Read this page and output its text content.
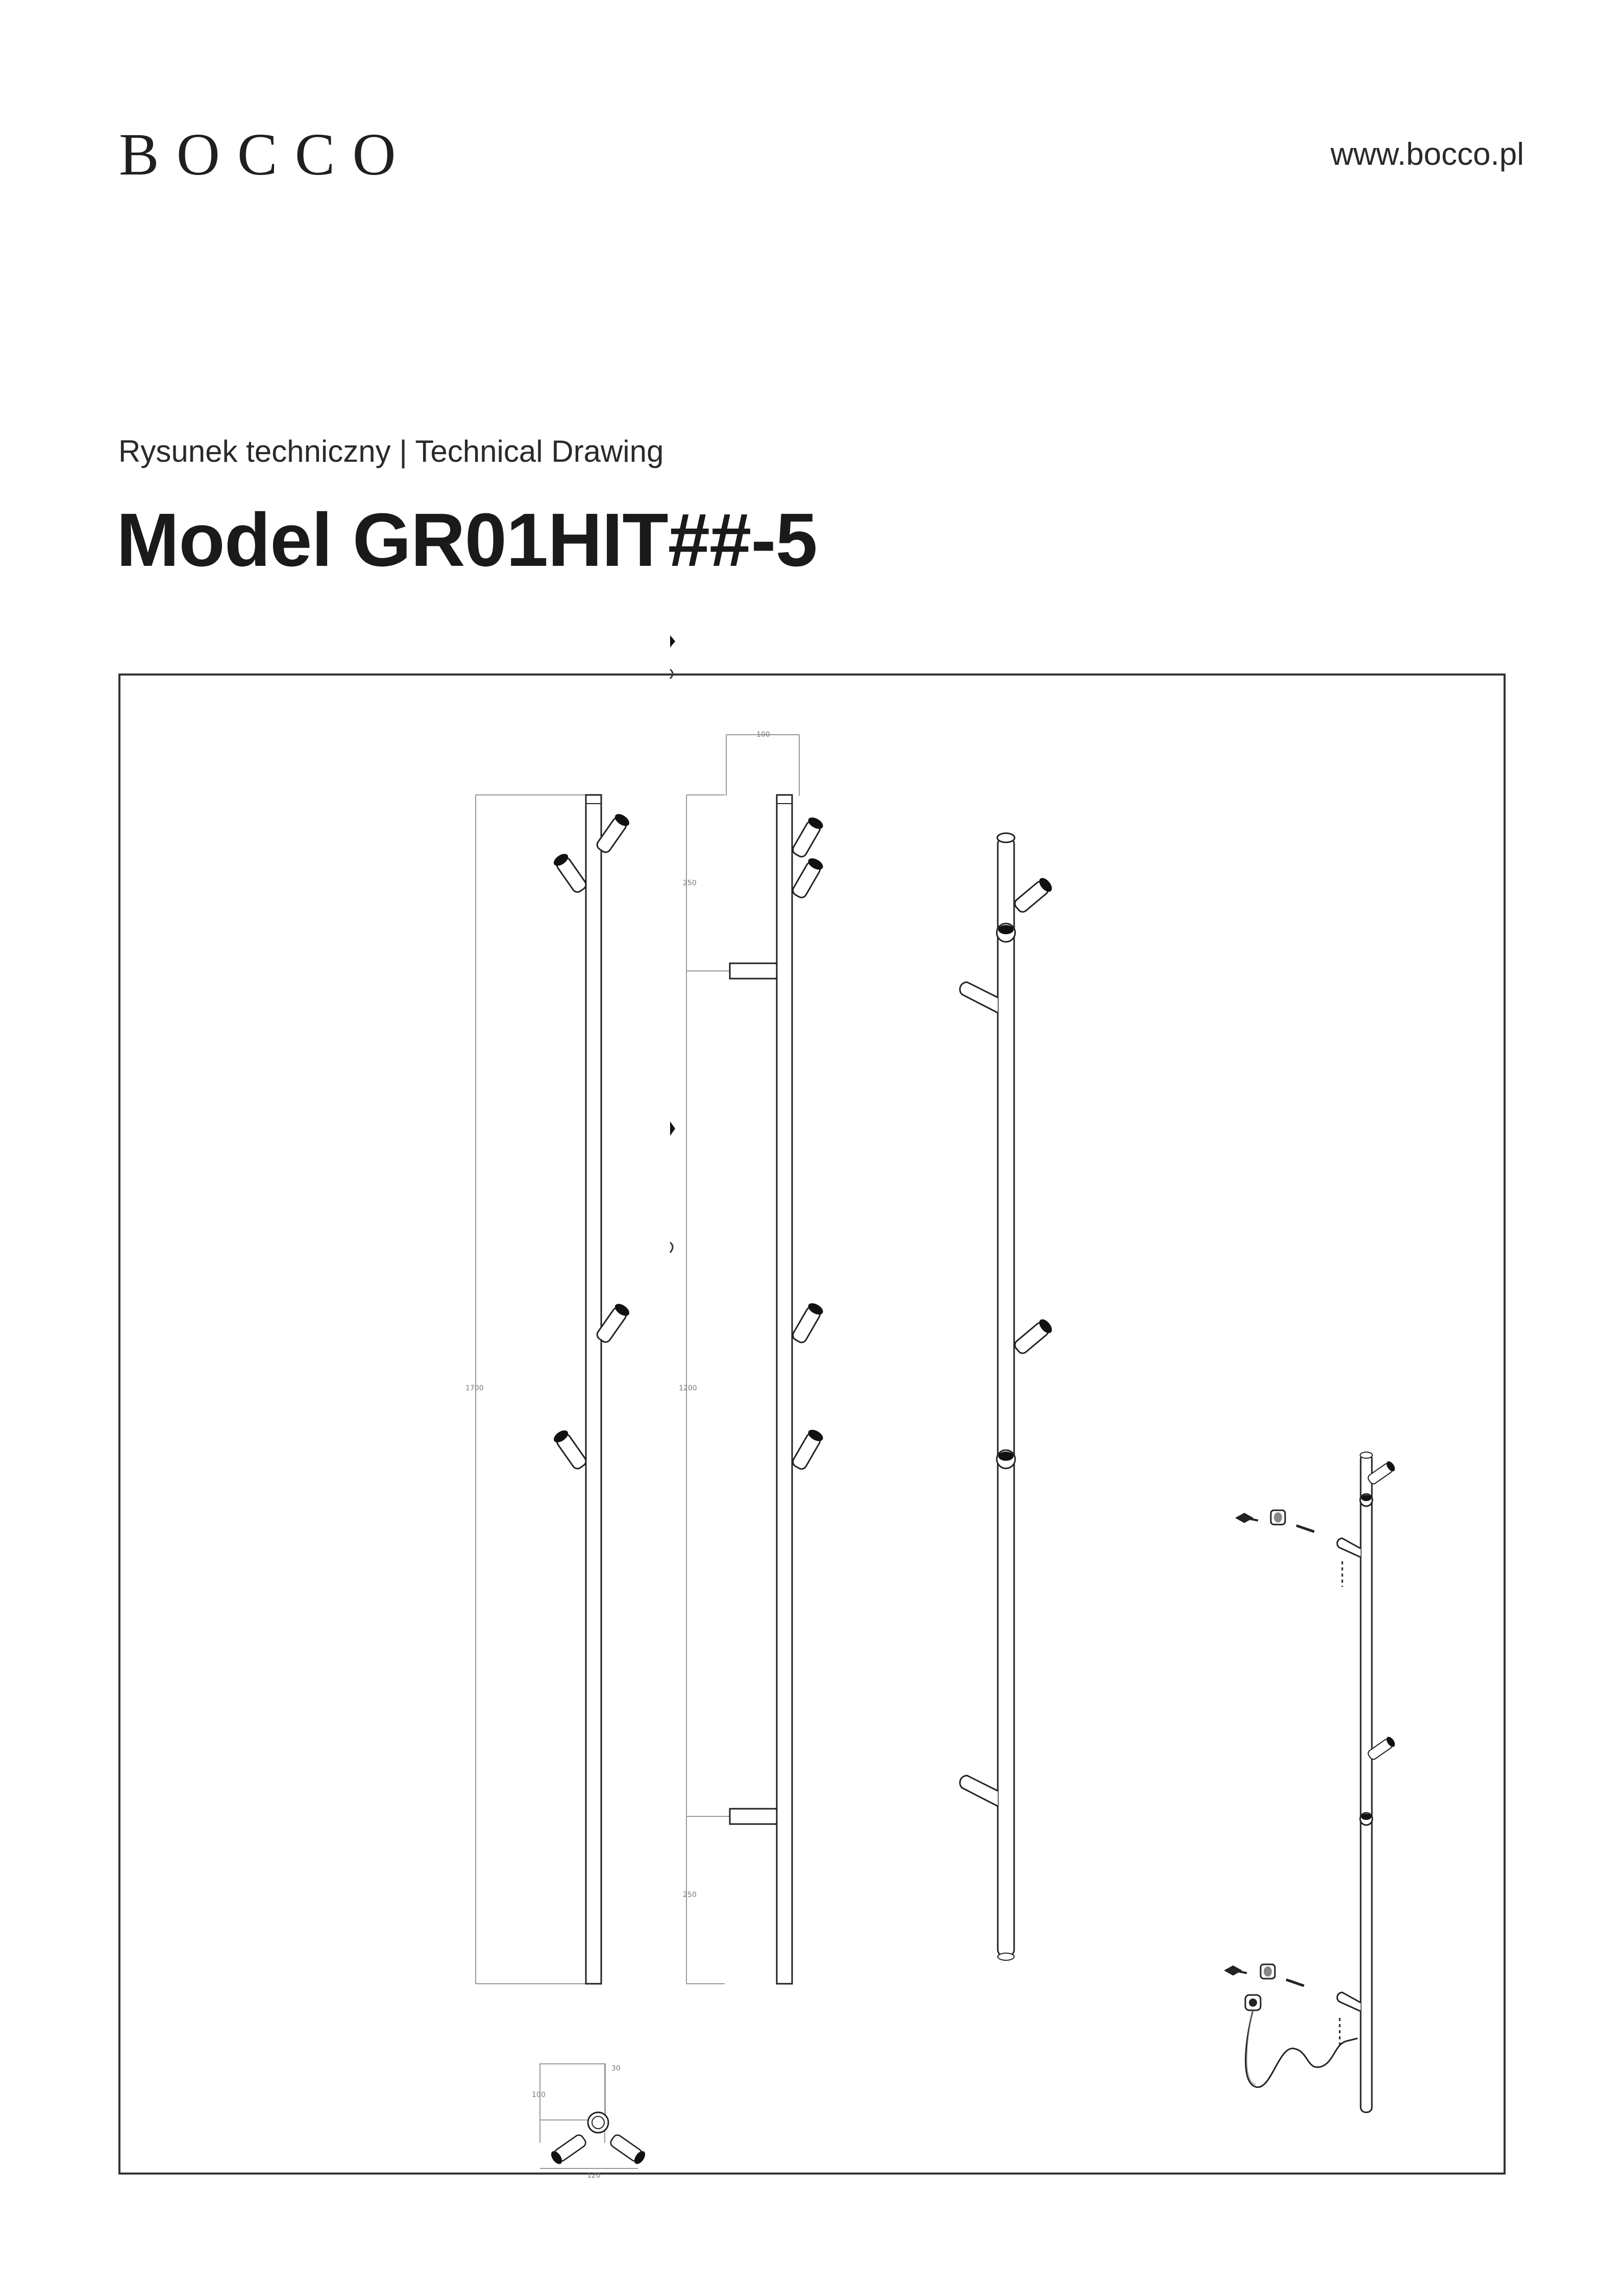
BOCCO	www.bocco.pl
Rysunek techniczny | Technical Drawing
Model GR01HIT##-5
1700
100
250
1200
250
100
120
30
